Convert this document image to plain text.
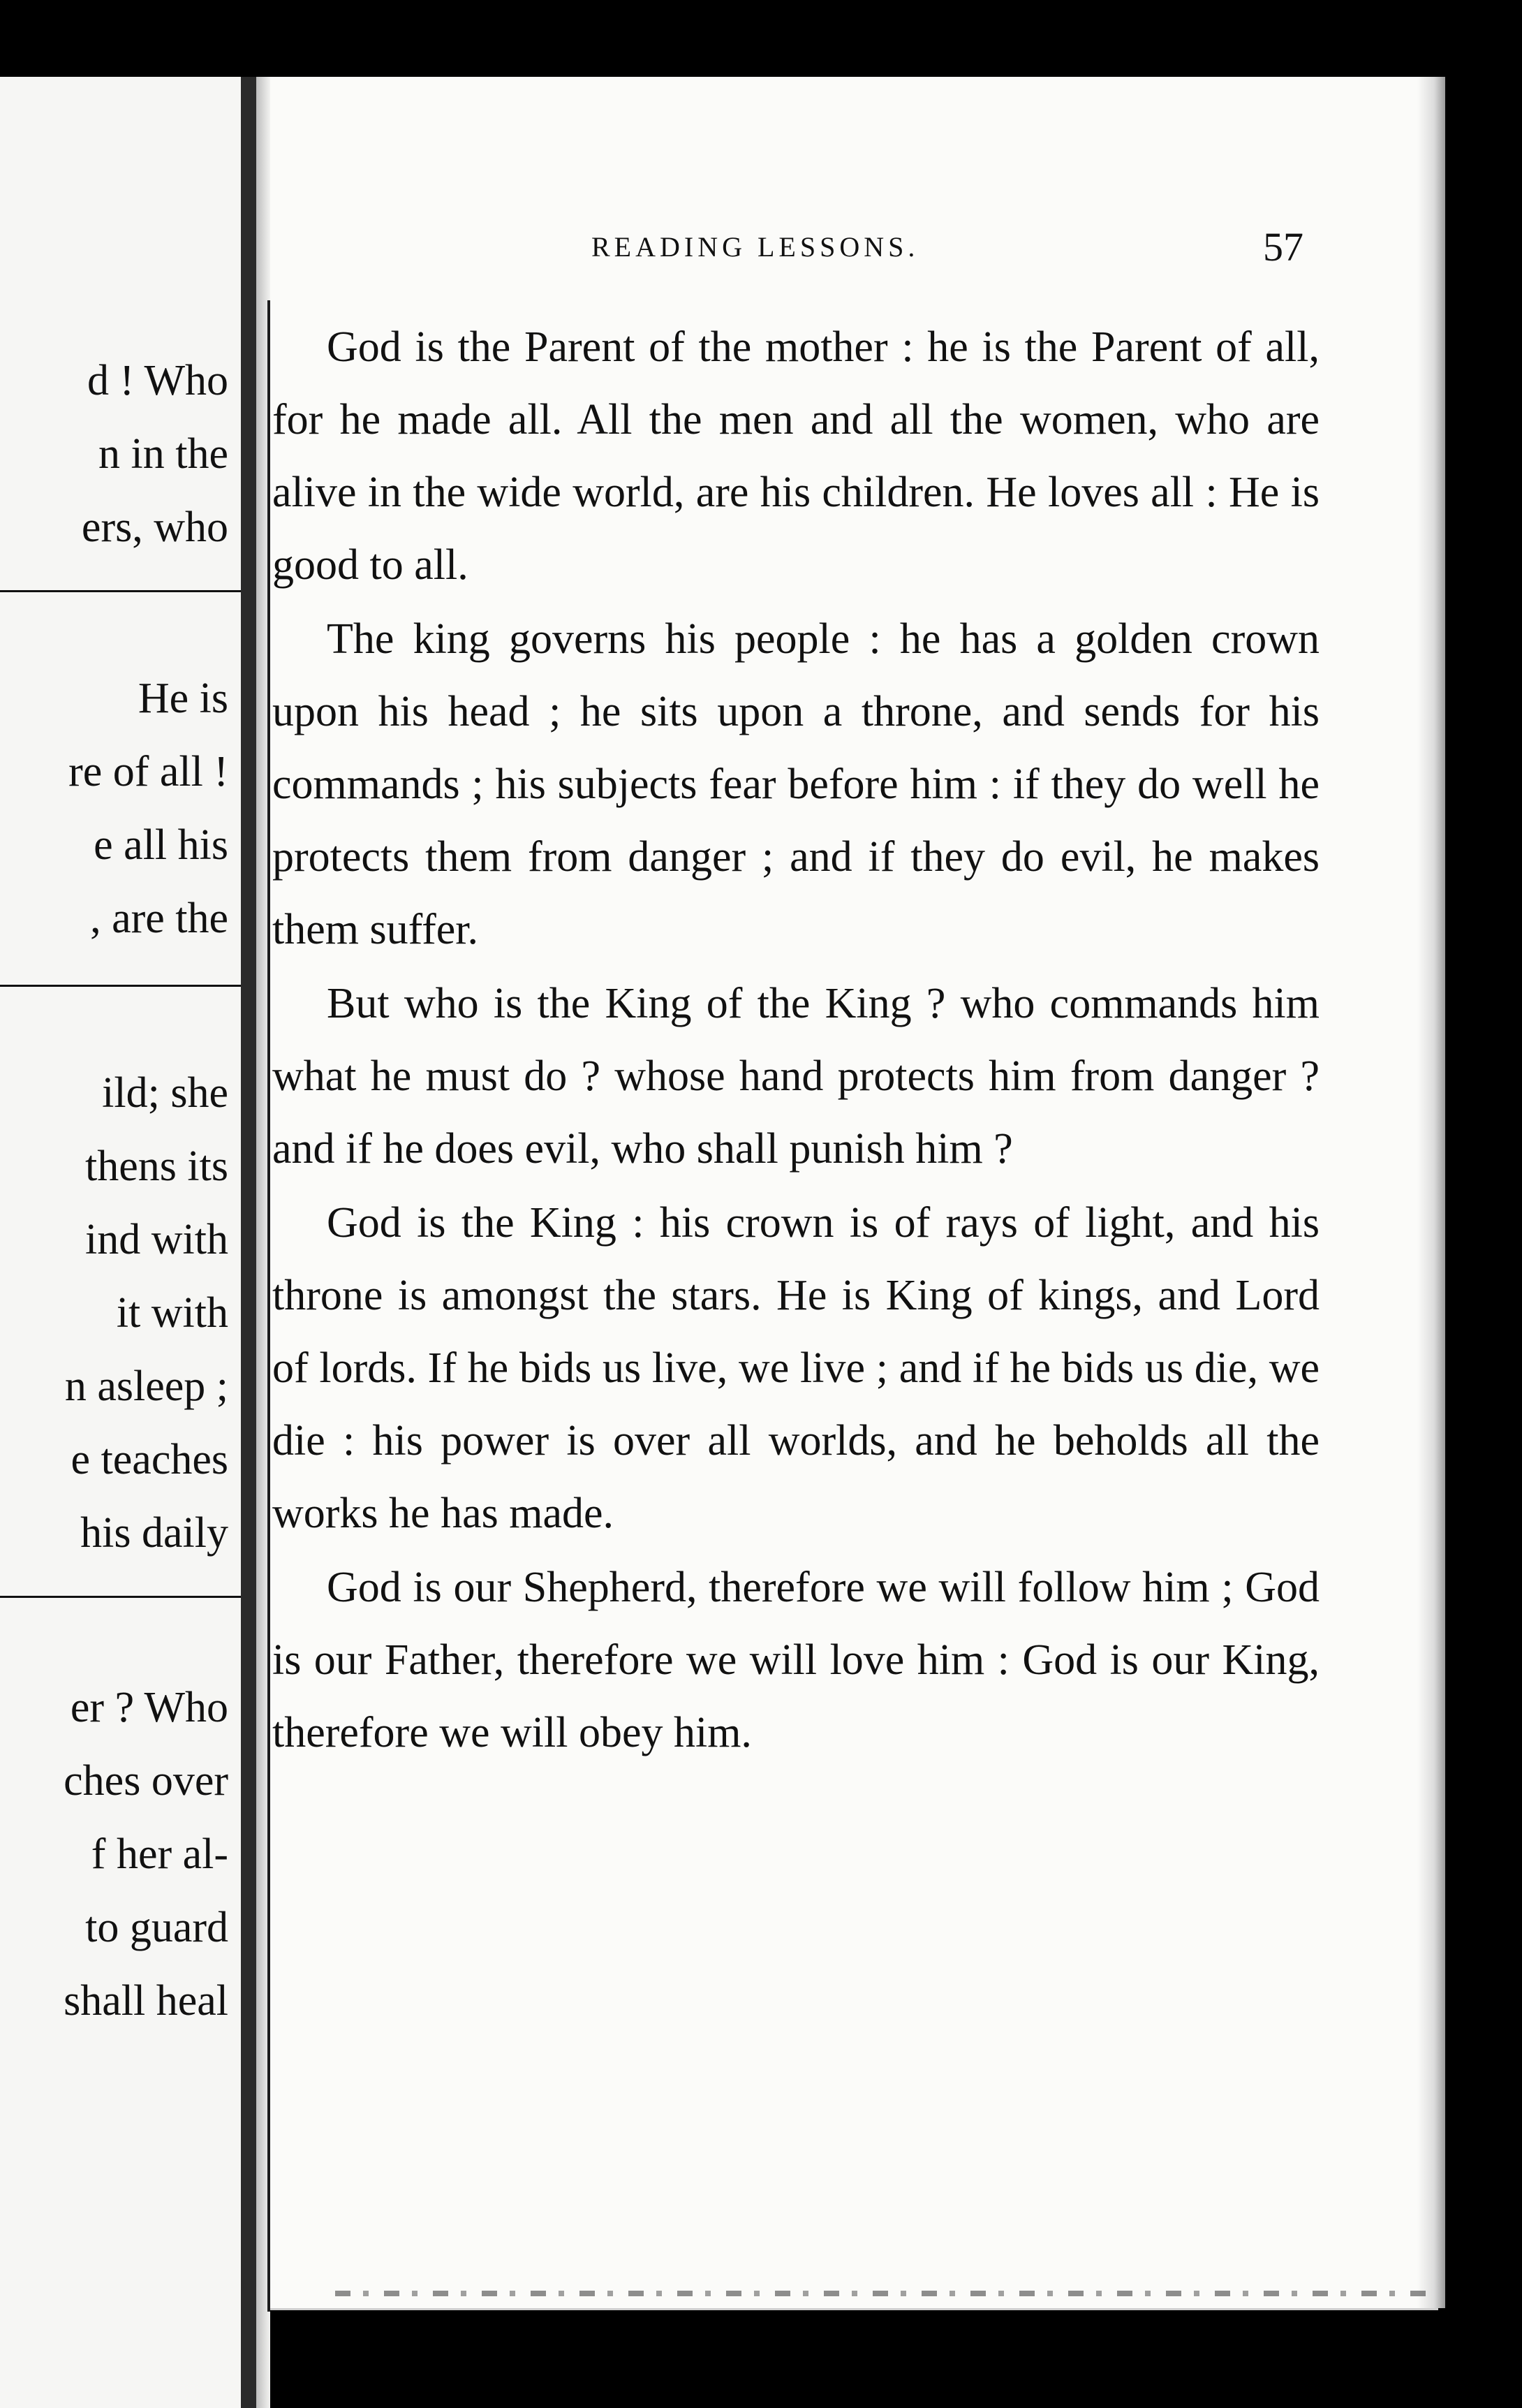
d ! Who
n in the
ers, who
He is
re of all !
e all his
, are the
ild; she
thens its
ind with
it with
n asleep ;
e teaches
his daily
er ? Who
ches over
f her al-
to guard
shall heal
READING LESSONS.	57

God is the Parent of the mother : he is the Parent of all, for he made all. All the men and all the women, who are alive in the wide world, are his children. He loves all : He is good to all.

The king governs his people : he has a golden crown upon his head ; he sits upon a throne, and sends for his commands ; his subjects fear before him : if they do well he protects them from danger ; and if they do evil, he makes them suffer.

But who is the King of the King ? who commands him what he must do ? whose hand protects him from danger ? and if he does evil, who shall punish him ?

God is the King : his crown is of rays of light, and his throne is amongst the stars. He is King of kings, and Lord of lords. If he bids us live, we live ; and if he bids us die, we die : his power is over all worlds, and he beholds all the works he has made.

God is our Shepherd, therefore we will follow him ; God is our Father, therefore we will love him : God is our King, therefore we will obey him.
